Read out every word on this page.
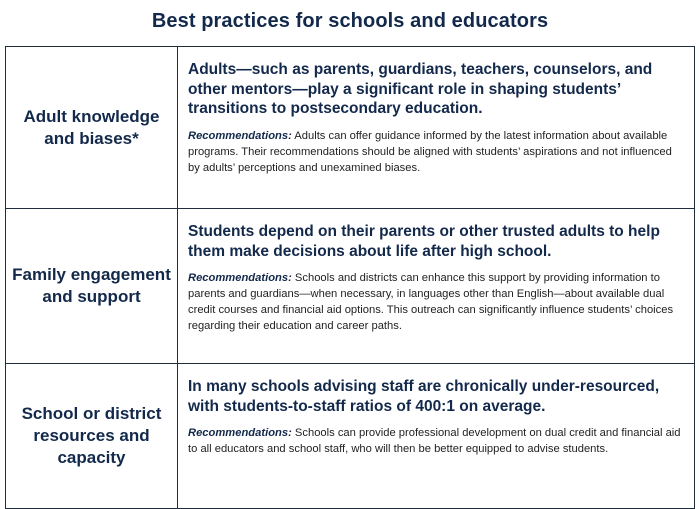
Best practices for schools and educators
Adult knowledge and biases*	Adults—such as parents, guardians, teachers, counselors, and other mentors—play a significant role in shaping students’ transitions to postsecondary education.

Recommendations: Adults can offer guidance informed by the latest information about available programs. Their recommendations should be aligned with students’ aspirations and not influenced by adults’ perceptions and unexamined biases.

Family engagement and support	Students depend on their parents or other trusted adults to help them make decisions about life after high school.

Recommendations: Schools and districts can enhance this support by providing information to parents and guardians—when necessary, in languages other than English—about available dual credit courses and financial aid options. This outreach can significantly influence students’ choices regarding their education and career paths.

School or district resources and capacity	In many schools advising staff are chronically under-resourced, with students-to-staff ratios of 400:1 on average.

Recommendations: Schools can provide professional development on dual credit and financial aid to all educators and school staff, who will then be better equipped to advise students.
